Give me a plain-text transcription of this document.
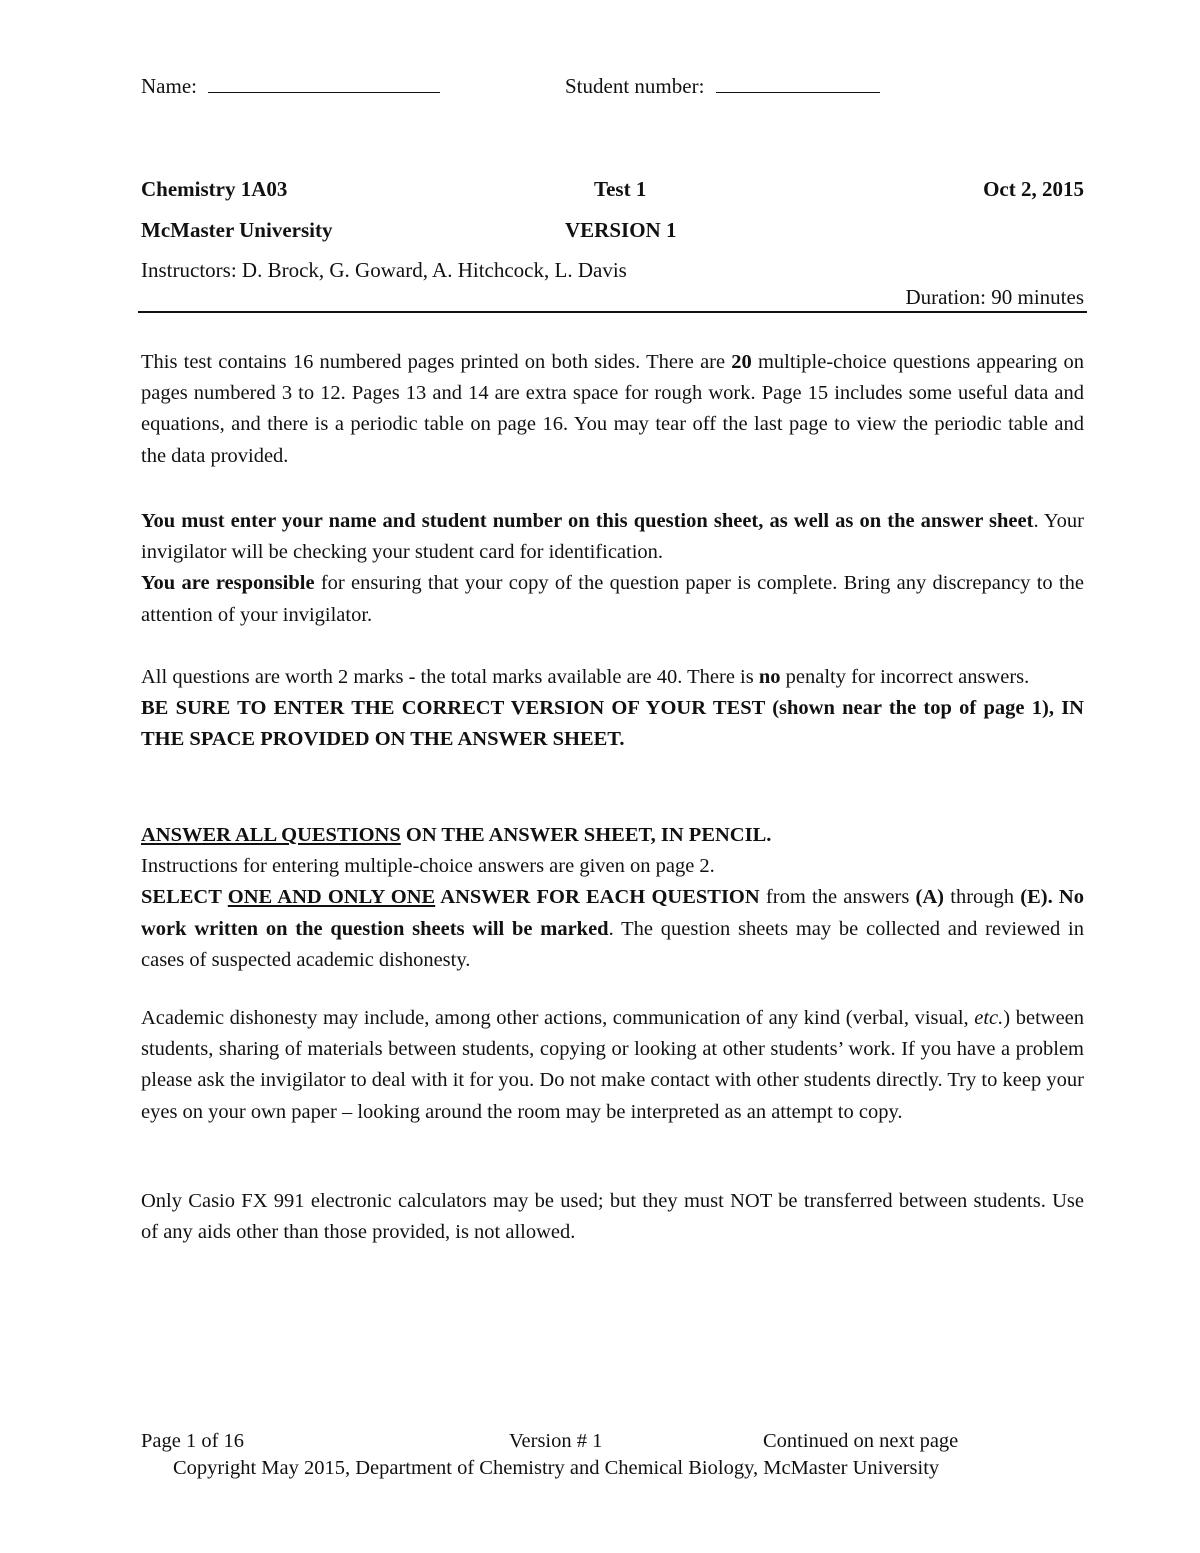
Name:	Student number:
Chemistry 1A03	Test 1	Oct 2, 2015
McMaster University	VERSION 1
Instructors: D. Brock, G. Goward, A. Hitchcock, L. Davis
Duration: 90 minutes

This test contains 16 numbered pages printed on both sides. There are 20 multiple-choice questions appearing on pages numbered 3 to 12. Pages 13 and 14 are extra space for rough work. Page 15 includes some useful data and equations, and there is a periodic table on page 16. You may tear off the last page to view the periodic table and the data provided.

You must enter your name and student number on this question sheet, as well as on the answer sheet. Your invigilator will be checking your student card for identification.

You are responsible for ensuring that your copy of the question paper is complete. Bring any discrepancy to the attention of your invigilator.

All questions are worth 2 marks - the total marks available are 40. There is no penalty for incorrect answers.

BE SURE TO ENTER THE CORRECT VERSION OF YOUR TEST (shown near the top of page 1), IN THE SPACE PROVIDED ON THE ANSWER SHEET.

ANSWER ALL QUESTIONS ON THE ANSWER SHEET, IN PENCIL.

Instructions for entering multiple-choice answers are given on page 2.

SELECT ONE AND ONLY ONE ANSWER FOR EACH QUESTION from the answers (A) through (E). No work written on the question sheets will be marked. The question sheets may be collected and reviewed in cases of suspected academic dishonesty.

Academic dishonesty may include, among other actions, communication of any kind (verbal, visual, etc.) between students, sharing of materials between students, copying or looking at other students’ work. If you have a problem please ask the invigilator to deal with it for you. Do not make contact with other students directly. Try to keep your eyes on your own paper – looking around the room may be interpreted as an attempt to copy.

Only Casio FX 991 electronic calculators may be used; but they must NOT be transferred between students. Use of any aids other than those provided, is not allowed.

Page 1 of 16	Version # 1	Continued on next page
Copyright May 2015, Department of Chemistry and Chemical Biology, McMaster University
